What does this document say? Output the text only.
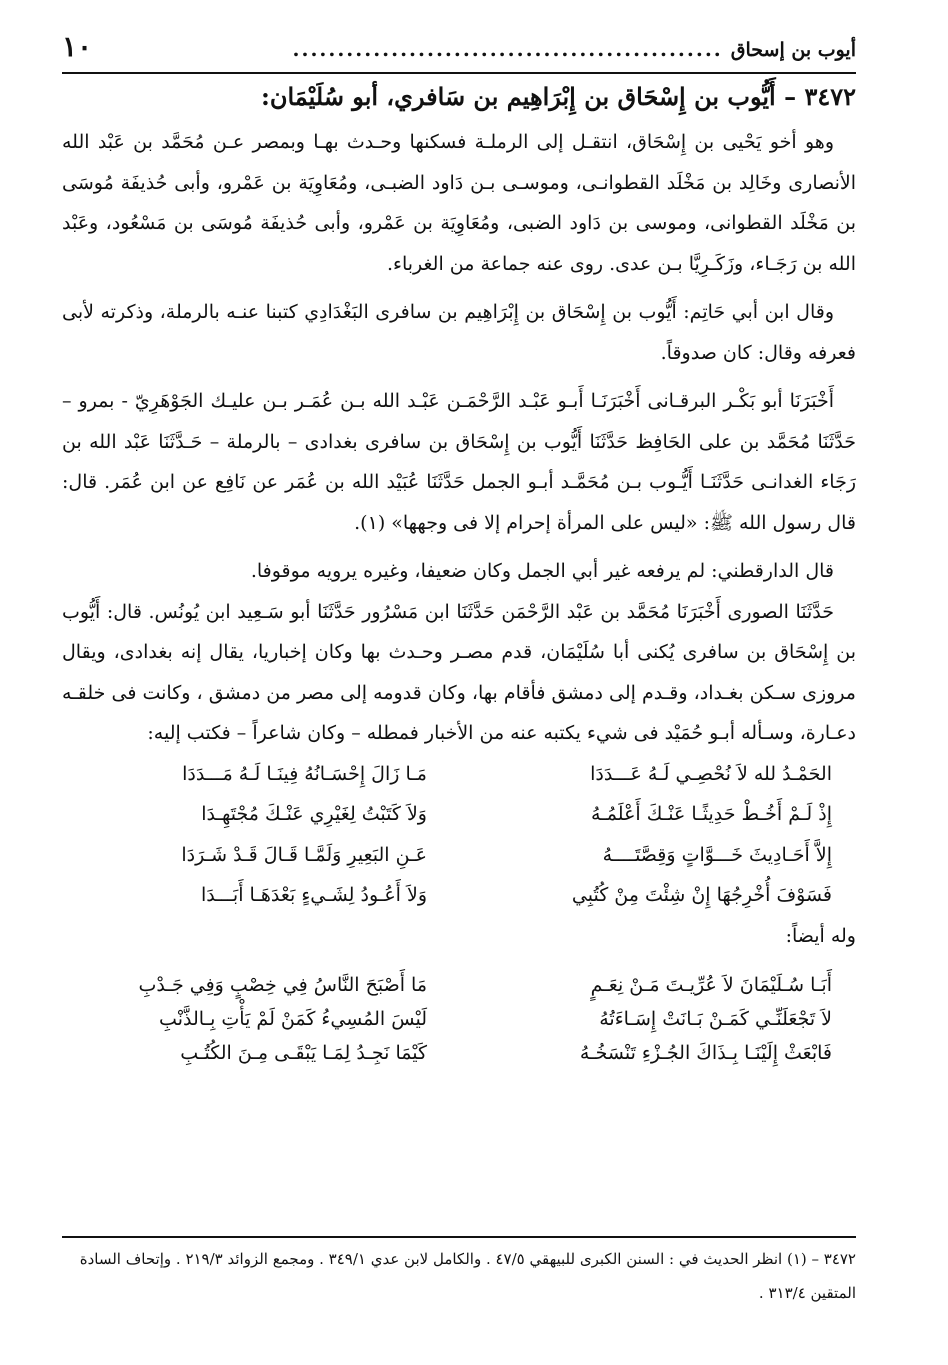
أيوب بن إسحاق
................................................
١٠
٣٤٧٢ – أَيُّوب بن إِسْحَاق بن إِبْرَاهِيم بن سَافري، أبو سُلَيْمَان:

وهو أخو يَحْيى بن إِسْحَاق، انتقـل إلى الرملـة فسكنها وحـدث بهـا وبمصر عـن مُحَمَّد بن عَبْد الله الأنصارى وخَالِد بن مَخْلَد القطوانـى، وموسـى بـن دَاود الضبـى، ومُعَاوِيَة بن عَمْرو، وأبى حُذيفَة مُوسَى بن مَخْلَد القطوانى، وموسى بن دَاود الضبى، ومُعَاوِيَة بن عَمْرو، وأبى حُذيفَة مُوسَى بن مَسْعُود، وعَبْد الله بن رَجَـاء، وزَكَـرِيَّا بـن عدى. روى عنه جماعة من الغرباء.

وقال ابن أبي حَاتِم: أَيُّوب بن إِسْحَاق بن إِبْرَاهِيم بن سافرى البَغْدَادِي كتبنا عنـه بالرملة، وذكرته لأبى فعرفه وقال: كان صدوقاً.

أَخْبَرَنَا أبو بَكْـر البرقـانى أَخْبَرَنَـا أَبـو عَبْـد الرَّحْمَـن عَبْـد الله بـن عُمَـر بـن عليـك الجَوْهَرِيّ - بمرو – حَدَّثَنَا مُحَمَّد بن على الحَافِظ حَدَّثَنَا أَيُّوب بن إِسْحَاق بن سافرى بغدادى – بالرملة – حَـدَّثَنَا عَبْد الله بن رَجَاء الغدانـى حَدَّثَنَـا أَيُّـوب بـن مُحَمَّـد أبـو الجمل حَدَّثَنَا عُبَيْد الله بن عُمَر عن نَافِع عن ابن عُمَر. قال: قال رسول الله ﷺ: «ليس على المرأة إحرام إلا فى وجهها» (١).

قال الدارقطني: لم يرفعه غير أبي الجمل وكان ضعيفا، وغيره يرويه موقوفا.

حَدَّثَنَا الصورى أَخْبَرَنَا مُحَمَّد بن عَبْد الرَّحْمَن حَدَّثَنَا ابن مَسْرُور حَدَّثَنَا أبو سَـعِيد ابن يُونُس. قال: أَيُّوب بن إِسْحَاق بن سافرى يُكنى أبا سُلَيْمَان، قدم مصـر وحـدث بها وكان إخباريا، يقال إنه بغدادى، ويقال مروزى سـكن بغـداد، وقـدم إلى دمشق فأقام بها، وكان قدومه إلى مصر من دمشق ، وكانت فى خلقـه دعـارة، وسـأله أبـو حُمَيْد فى شيء يكتبه عنه من الأخبار فمطله – وكان شاعراً – فكتب إليه:

الحَمْـدُ لله لاَ نُحْصِـي لَـهُ عَـــدَدَا
مَـا زَالَ إِحْسَـانُهُ فِينَـا لَـهُ مَـــدَدَا
إِذْ لَـمْ أَخُـطْ حَدِيثًـا عَنْـكَ أَعْلَمُـهُ
وَلاَ كَتَبْتُ لِغَيْرِي عَنْـكَ مُجْتَهِـدَا
إِلاَّ أَحَـادِيثَ خَـــوَّاتٍ وَقِصَّتَــــهُ
عَـنِ البَعِيرِ وَلَمَّـا قَـالَ قَـدْ شَـرَدَا
فَسَوْفَ أُخْرِجُهَا إِنْ شِئْتَ مِنْ كُتُبِي
وَلاَ أَعُـودُ لِشَـيءٍ بَعْدَهَـا أَبَـــدَا

وله أيضاً:

أَبَـا سُـلَيْمَانَ لاَ عُرِّيـتَ مَـنْ نِعَـمٍ
مَا أَصْبَحَ النَّاسُ فِي خِصْبٍ وَفِي جَـدْبِ
لاَ تَجْعَلَنِّـي كَمَـنْ بَـانَتْ إِسَـاءَتُهُ
لَيْسَ المُسِيءُ كَمَنْ لَمْ يَأْتِ بِـالذَّنْبِ
فَابْعَثْ إِلَيْنَـا بِـذَاكَ الجُـزْءِ تَنْسَخُـهُ
كَيْمَا نَجِـدُ لِمَـا يَبْقَـى مِـنَ الكُتُـبِ
٣٤٧٢ – (١) انظر الحديث في : السنن الكبرى للبيهقي ٤٧/٥ . والكامل لابن عدي ٣٤٩/١ . ومجمع الزوائد ٢١٩/٣ . وإتحاف السادة المتقين ٣١٣/٤ .
